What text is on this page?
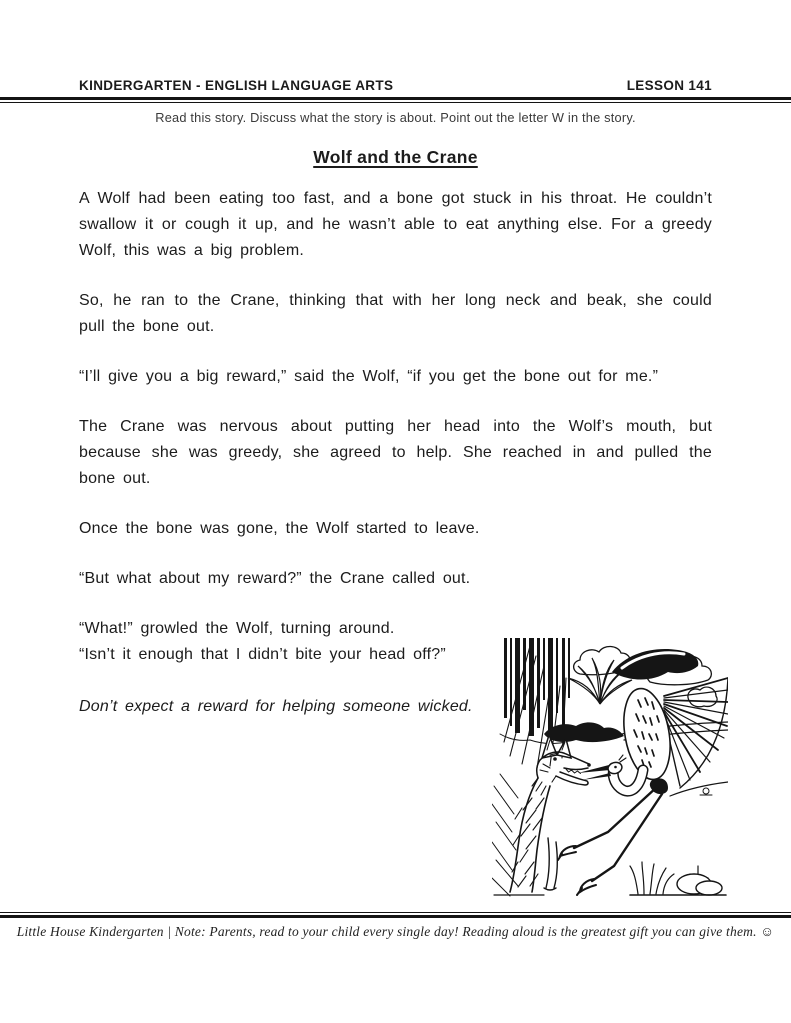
KINDERGARTEN - ENGLISH LANGUAGE ARTS	LESSON 141
Read this story. Discuss what the story is about. Point out the letter W in the story.
Wolf and the Crane

A Wolf had been eating too fast, and a bone got stuck in his throat. He couldn’t swallow it or cough it up, and he wasn’t able to eat anything else. For a greedy Wolf, this was a big problem.

So, he ran to the Crane, thinking that with her long neck and beak, she could pull the bone out.

“I’ll give you a big reward,” said the Wolf, “if you get the bone out for me.”

The Crane was nervous about putting her head into the Wolf’s mouth, but because she was greedy, she agreed to help. She reached in and pulled the bone out.

Once the bone was gone, the Wolf started to leave.

“But what about my reward?” the Crane called out.

“What!” growled the Wolf, turning around.

“Isn’t it enough that I didn’t bite your head off?”

Don’t expect a reward for helping someone wicked.

Little House Kindergarten | Note: Parents, read to your child every single day! Reading aloud is the greatest gift you can give them. ☺
